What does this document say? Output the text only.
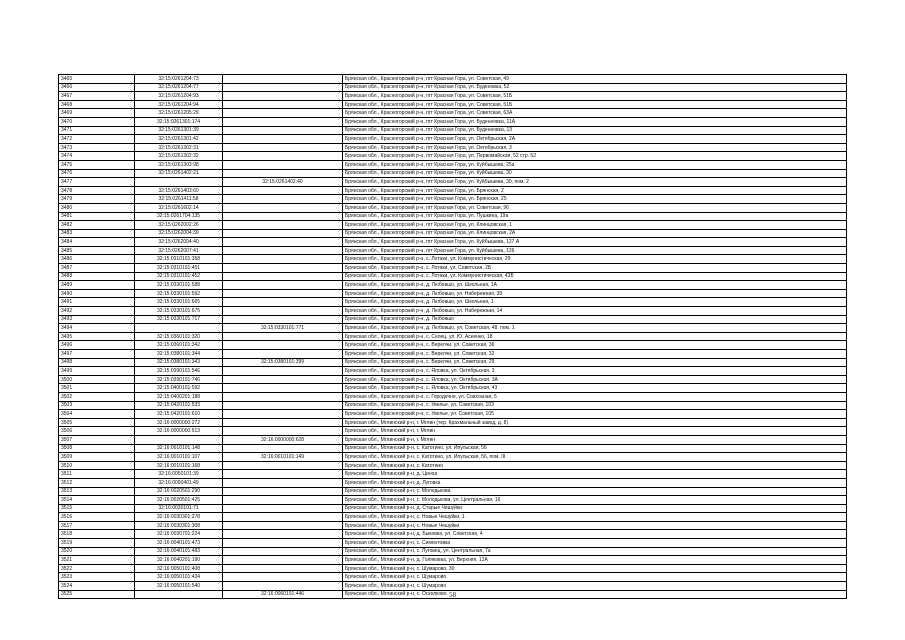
3465	32:15:0261204:73		Брянская обл., Красногорский р-н, пгт Красная Гора, ул. Советская, 49
3466	32:15:0261204:77		Брянская обл., Красногорский р-н, пгт Красная Гора, ул. Буденовка, 52
3467	32:15:0261204:93		Брянская обл., Красногорский р-н, пгт Красная Гора, ул. Советская, 51Б
3468	32:15:0261204:94		Брянская обл., Красногорский р-н, пгт Красная Гора, ул. Советская, 51Б
3469	32:15:0261205:29		Брянская обл., Красногорский р-н, пгт Красная Гора, ул. Советская, 63А
3470	32:15:0261301:174		Брянская обл., Красногорский р-н, пгт Красная Гора, ул. Буденновка, 11А
3471	32:15:0261301:39		Брянская обл., Красногорский р-н, пгт Красная Гора, ул. Буденновка, 13
3472	32:15:0261301:42		Брянская обл., Красногорский р-н, пгт Красная Гора, ул. Октябрьская, 2А
3473	32:15:0261302:31		Брянская обл., Красногорский р-н, пгт Красная Гора, ул. Октябрьская, 3
3474	32:15:0261302:32		Брянская обл., Красногорский р-н, пгт Красная Гора, ул. Первомайская, 52 стр. 52
3475	32:15:0261303:98		Брянская обл., Красногорский р-н, пгт Красная Гора, ул. Куйбышева, 25а
3476	32:15:0261402:21		Брянская обл., Красногорский р-н, пгт Красная Гора, ул. Куйбышева, 30
3477		32:15:0261402:40	Брянская обл., Красногорский р-н, пгт Красная Гора, ул. Куйбышева, 30, пом. 2
3478	32:15:0261403:60		Брянская обл., Красногорский р-н, пгт Красная Гора, ул. Брянская, 2
3479	32:15:0261411:58		Брянская обл., Красногорский р-н, пгт Красная Гора, ул. Брянская, 25
3480	32:15:0261602:14		Брянская обл., Красногорский р-н, пгт Красная Гора, ул. Советская, 96
3481	32:15:0261704:135		Брянская обл., Красногорский р-н, пгт Красная Гора, ул. Пушкина, 19а
3482	32:15:0262002:26		Брянская обл., Красногорский р-н, пгт Красная Гора, ул. Клинцовская, 1
3483	32:15:0262004:39		Брянская обл., Красногорский р-н, пгт Красная Гора, ул. Клинцовская, 2А
3484	32:15:0262004:40		Брянская обл., Красногорский р-н, пгт Красная Гора, ул. Куйбышева, 127 А
3485	32:15:0262007:41		Брянская обл., Красногорский р-н, пгт Красная Гора, ул. Куйбышева, 126
3486	32:15:0310101:358		Брянская обл., Красногорский р-н, с. Лотаки, ул. Коммунистическая, 29
3487	32:15:0310101:451		Брянская обл., Красногорский р-н, с. Лотаки, ул. Советская, 2Б
3488	32:15:0310101:452		Брянская обл., Красногорский р-н, с. Лотаки, ул. Коммунистическая, 43Б
3489	32:15:0330101:588		Брянская обл., Красногорский р-н, д. Любовшо, ул. Школьная, 1А
3490	32:15:0330101:592		Брянская обл., Красногорский р-н, д. Любовшо, ул. Набережная, 39
3491	32:15:0330101:665		Брянская обл., Красногорский р-н, д. Любовшо, ул. Школьная, 1
3492	32:15:0330101:675		Брянская обл., Красногорский р-н, д. Любовшо, ул. Набережная, 14
3493	32:15:0330101:717		Брянская обл., Красногорский р-н, д. Любовшо
3494		32:15:0330101:771	Брянская обл., Красногорский р-н, д. Любовшо, ул. Советская, 48, пом. 1
3495	32:15:0360101:320		Брянская обл., Красногорский р-н, с. Селец, ул. Ю. Асеенко, 18
3496	32:15:0360101:342		Брянская обл., Красногорский р-н, с. Верелчи, ул. Советская, 36
3497	32:15:0380101:344		Брянская обл., Красногорский р-н, с. Верелчи, ул. Советская, 32
3498	32:15:0380101:343	32:15:0380101:399	Брянская обл., Красногорский р-н, с. Верелчи, ул. Советская, 29
3499	32:15:0390101:546		Брянская обл., Красногорский р-н, с. Яловка, ул. Октябрьская, 3
3500	32:15:0390101:746		Брянская обл., Красногорский р-н, с. Яловка, ул. Октябрьская, 3А
3501	32:15:0400101:592		Брянская обл., Красногорский р-н, с. Яловка, ул. Октябрьская, 43
3502	32:15:0400201:188		Брянская обл., Красногорский р-н, с. Городечня, ул. Совхозная, 5
3503	32:15:0420101:533		Брянская обл., Красногорский р-н, с. Увелье, ул. Советская, 103
3504	32:15:0420101:610		Брянская обл., Красногорский р-н, с. Увелье, ул. Советская, 105
3505	32:16:0000000:272		Брянская обл., Мглинский р-н, г. Мглин (тер. Крахмальный завод, д. 8)
3506	32:16:0000000:513		Брянская обл., Мглинский р-н, г. Мглин
3507		32:16:0000000:628	Брянская обл., Мглинский р-н, г. Мглин
3508	32:16:0010101:148		Брянская обл., Мглинский р-н, с. Катотино, ул. Ипульская, 56
3509	32:16:0010101:107	32:16:0010101:149	Брянская обл., Мглинский р-н, с. Катотино, ул. Ипульская, 56, пом. III
3510	32:16:0010101:168		Брянская обл., Мглинский р-н, с. Катотино
3511	32:16:0050101:39		Брянская обл., Мглинский р-н, д. Циноа
3512	32:16:0090401:49		Брянская обл., Мглинский р-н, д. Луговка
3513	32:16:0020501:290		Брянская обл., Мглинский р-н, с. Молодькова
3514	32:16:0020501:425		Брянская обл., Мглинский р-н, с. Молодькова, ул. Центральная, 16
3515	32:16:0030101:71		Брянская обл., Мглинский р-н, д. Старые Чешуйки
3516	32:16:0030301:278		Брянская обл., Мглинский р-н, с. Новые Чешуйки, 1
3517	32:16:0030301:308		Брянская обл., Мглинский р-н, с. Новые Чешуйки
3518	32:16:0030701:224		Брянская обл., Мглинский р-н, д. Быковка, ул. Советская, 4
3519	32:16:0040101:473		Брянская обл., Мглинский р-н, с. Симонтовка
3520	32:16:0040101:483		Брянская обл., Мглинский р-н, с. Луговец, ул. Центральная, 7а
3521	32:16:0040201:190		Брянская обл., Мглинский р-н, д. Голяковка, ул. Верхняя, 12А
3522	32:16:0050101:408		Брянская обл., Мглинский р-н, с. Шумарово, 30
3523	32:16:0050101:434		Брянская обл., Мглинский р-н, с. Шумарово
3524	32:16:0050101:540		Брянская обл., Мглинский р-н, с. Шумарово
3525		32:16:0060101:446	Брянская обл., Мглинский р-н, с. Осколково 58
